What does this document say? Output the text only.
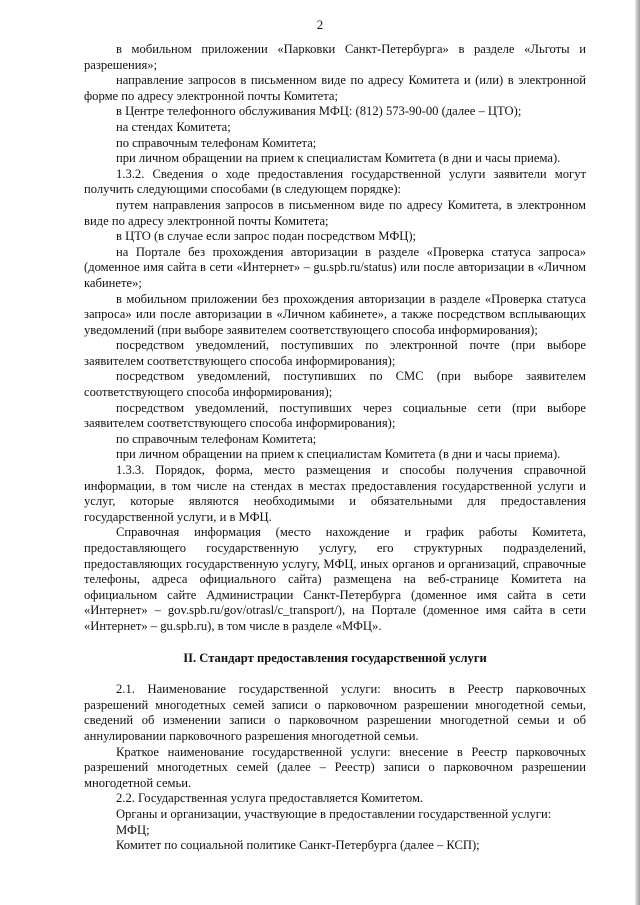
2

в мобильном приложении «Парковки Санкт-Петербурга» в разделе «Льготы и разрешения»;

направление запросов в письменном виде по адресу Комитета и (или) в электронной форме по адресу электронной почты Комитета;

в Центре телефонного обслуживания МФЦ: (812) 573-90-00 (далее – ЦТО);

на стендах Комитета;

по справочным телефонам Комитета;

при личном обращении на прием к специалистам Комитета (в дни и часы приема).

1.3.2. Сведения о ходе предоставления государственной услуги заявители могут получить следующими способами (в следующем порядке):

путем направления запросов в письменном виде по адресу Комитета, в электронном виде по адресу электронной почты Комитета;

в ЦТО (в случае если запрос подан посредством МФЦ);

на Портале без прохождения авторизации в разделе «Проверка статуса запроса» (доменное имя сайта в сети «Интернет» – gu.spb.ru/status) или после авторизации в «Личном кабинете»;

в мобильном приложении без прохождения авторизации в разделе «Проверка статуса запроса» или после авторизации в «Личном кабинете», а также посредством всплывающих уведомлений (при выборе заявителем соответствующего способа информирования);

посредством уведомлений, поступивших по электронной почте (при выборе заявителем соответствующего способа информирования);

посредством уведомлений, поступивших по СМС (при выборе заявителем соответствующего способа информирования);

посредством уведомлений, поступивших через социальные сети (при выборе заявителем соответствующего способа информирования);

по справочным телефонам Комитета;

при личном обращении на прием к специалистам Комитета (в дни и часы приема).

1.3.3. Порядок, форма, место размещения и способы получения справочной информации, в том числе на стендах в местах предоставления государственной услуги и услуг, которые являются необходимыми и обязательными для предоставления государственной услуги, и в МФЦ.

Справочная информация (место нахождение и график работы Комитета, предоставляющего государственную услугу, его структурных подразделений, предоставляющих государственную услугу, МФЦ, иных органов и организаций, справочные телефоны, адреса официального сайта) размещена на веб-странице Комитета на официальном сайте Администрации Санкт-Петербурга (доменное имя сайта в сети «Интернет» – gov.spb.ru/gov/otrasl/c_transport/), на Портале (доменное имя сайта в сети «Интернет» – gu.spb.ru), в том числе в разделе «МФЦ».

II. Стандарт предоставления государственной услуги

2.1. Наименование государственной услуги: вносить в Реестр парковочных разрешений многодетных семей записи о парковочном разрешении многодетной семьи, сведений об изменении записи о парковочном разрешении многодетной семьи и об аннулировании парковочного разрешения многодетной семьи.

Краткое наименование государственной услуги: внесение в Реестр парковочных разрешений многодетных семей (далее – Реестр) записи о парковочном разрешении многодетной семьи.

2.2. Государственная услуга предоставляется Комитетом.

Органы и организации, участвующие в предоставлении государственной услуги:

МФЦ;

Комитет по социальной политике Санкт-Петербурга (далее – КСП);
